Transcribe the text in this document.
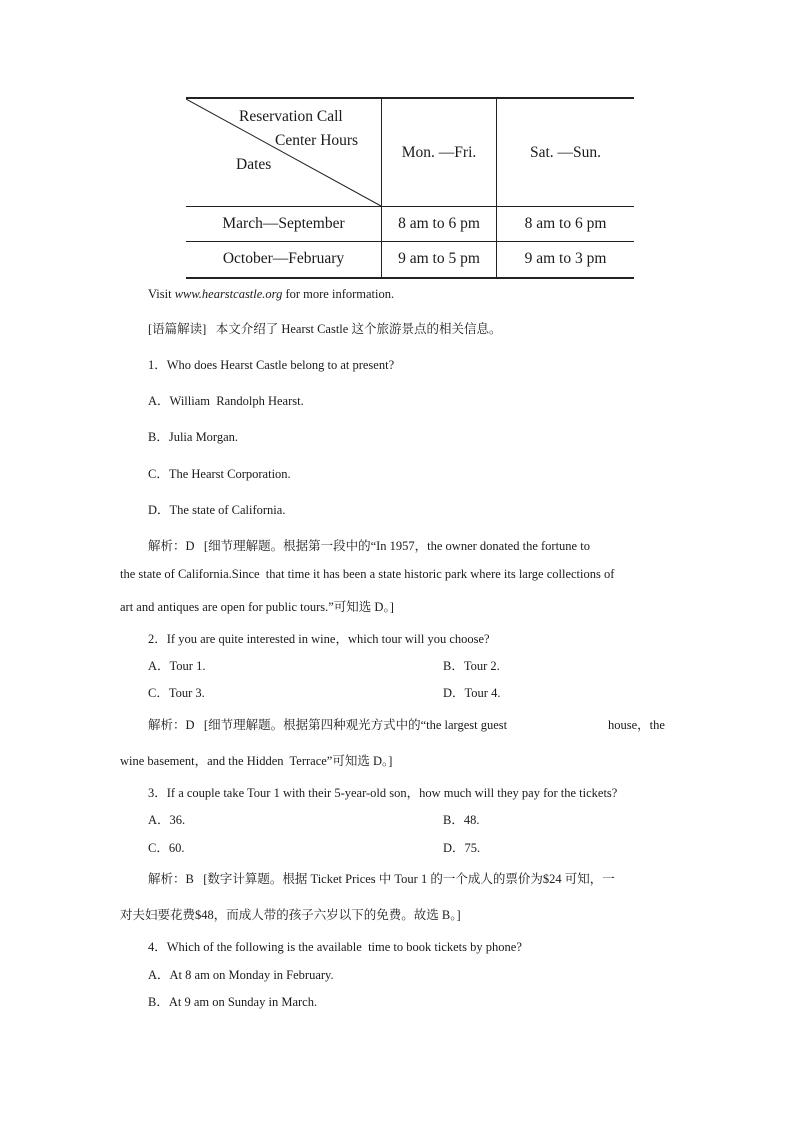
Reservation Call
Center Hours
Dates
Mon. —Fri.	Sat. —Sun.
March—September	8 am to 6 pm	8 am to 6 pm
October—February	9 am to 5 pm	9 am to 3 pm
Visit www.hearstcastle.org for more information.
[语篇解读]   本文介绍了 Hearst Castle 这个旅游景点的相关信息。
1．Who does Hearst Castle belong to at present?
A．William  Randolph Hearst.
B．Julia Morgan.
C．The Hearst Corporation.
D．The state of California.
解析：D   [细节理解题。根据第一段中的“In 1957，the owner donated the fortune to
the state of California.Since  that time it has been a state historic park where its large collections of
art and antiques are open for public tours.”可知选 D。]
2．If you are quite interested in wine，which tour will you choose?
A．Tour 1.	B．Tour 2.
C．Tour 3.	D．Tour 4.
解析：D   [细节理解题。根据第四种观光方式中的“the largest guest	house，the
wine basement，and the Hidden  Terrace”可知选 D。]
3．If a couple take Tour 1 with their 5-year-old son，how much will they pay for the tickets?
A．36.	B．48.
C．60.	D．75.
解析：B   [数字计算题。根据 Ticket Prices 中 Tour 1 的一个成人的票价为$24 可知，一
对夫妇要花费$48，而成人带的孩子六岁以下的免费。故选 B。]
4．Which of the following is the available  time to book tickets by phone?
A．At 8 am on Monday in February.
B．At 9 am on Sunday in March.
